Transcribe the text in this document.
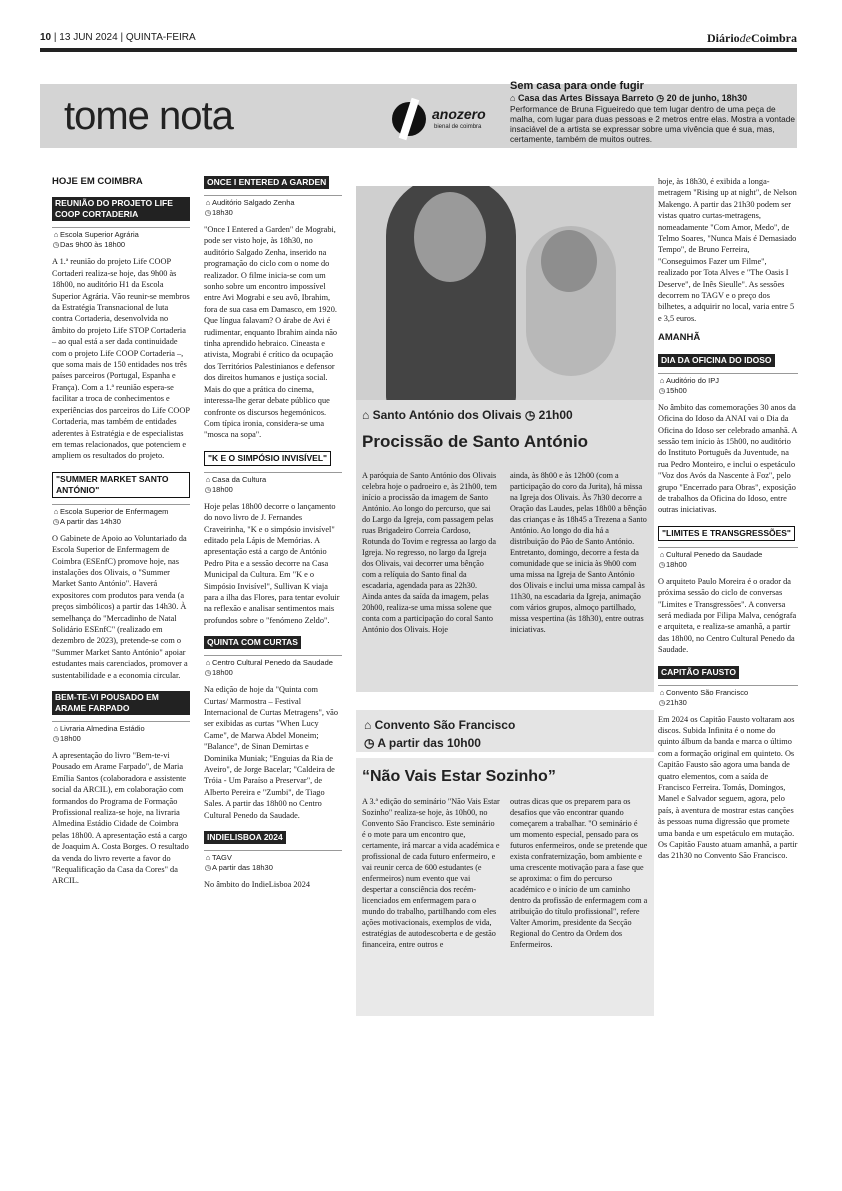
10 | 13 JUN 2024 | QUINTA-FEIRA	DiáriodeCoimbra
tome nota	anozero
bienal de coimbra
Sem casa para onde fugir
⌂ Casa das Artes Bissaya Barreto ◷ 20 de junho, 18h30
Performance de Bruna Figueiredo que tem lugar dentro de uma peça de malha, com lugar para duas pessoas e 2 metros entre elas. Mostra a vontade insaciável de a artista se expressar sobre uma vivência que é sua, mas, certamente, também de muitos outres.
HOJE EM COIMBRA
REUNIÃO DO PROJETO LIFE COOP CORTADERIA
⌂ Escola Superior Agrária
◷Das 9h00 às 18h00

A 1.ª reunião do projeto Life COOP Cortaderi realiza-se hoje, das 9h00 às 18h00, no auditório H1 da Escola Superior Agrária. Vão reunir-se membros da Estratégia Transnacional de luta contra Cortaderia, desenvolvida no âmbito do projeto Life STOP Cortaderia – ao qual está a ser dada continuidade com o projeto Life COOP Cortaderia –, que soma mais de 150 entidades nos três países parceiros (Portugal, Espanha e França). Com a 1.ª reunião espera-se facilitar a troca de conhecimentos e experiências dos parceiros do Life COOP Cortaderia, mas também de entidades aderentes à Estratégia e de especialistas em temas relacionados, que potenciem e ampliem os resultados do projeto.

"SUMMER MARKET SANTO ANTÓNIO"
⌂ Escola Superior de Enfermagem
◷A partir das 14h30

O Gabinete de Apoio ao Voluntariado da Escola Superior de Enfermagem de Coimbra (ESEnfC) promove hoje, nas instalações dos Olivais, o "Summer Market Santo António". Haverá expositores com produtos para venda (a preços simbólicos) a partir das 14h30. À semelhança do "Mercadinho de Natal Solidário ESEnfC" (realizado em dezembro de 2023), pretende-se com o "Summer Market Santo António" apoiar estudantes mais carenciados, promover a sustentabilidade e a economia circular.

BEM-TE-VI POUSADO EM ARAME FARPADO
⌂ Livraria Almedina Estádio
◷18h00

A apresentação do livro "Bem-te-vi Pousado em Arame Farpado", de Maria Emília Santos (colaboradora e assistente social da ARCIL), em colaboração com formandos do Programa de Formação Profissional realiza-se hoje, na livraria Almedina Estádio Cidade de Coimbra pelas 18h00. A apresentação está a cargo de Joaquim A. Costa Borges. O resultado da venda do livro reverte a favor do "Requalificação da Casa da Cores" da ARCIL.

ONCE I ENTERED A GARDEN
⌂ Auditório Salgado Zenha
◷18h30

"Once I Entered a Garden" de Mograbi, pode ser visto hoje, às 18h30, no auditório Salgado Zenha, inserido na programação do ciclo com o nome do realizador. O filme inicia-se com um sonho sobre um encontro impossível entre Avi Mograbi e seu avô, Ibrahim, fora de sua casa em Damasco, em 1920. Que língua falavam? O árabe de Avi é rudimentar, enquanto Ibrahim ainda não tinha aprendido hebraico. Cineasta e ativista, Mograbi é crítico da ocupação dos Territórios Palestinianos e defensor dos direitos humanos e justiça social. Mais do que a prática do cinema, interessa-lhe gerar debate público que confronte os discursos hegemónicos. Com típica ironia, considera-se uma "mosca na sopa".

"K E O SIMPÓSIO INVISÍVEL"
⌂ Casa da Cultura
◷18h00

Hoje pelas 18h00 decorre o lançamento do novo livro de J. Fernandes Craveirinha, "K e o simpósio invisível" editado pela Lápis de Memórias. A apresentação está a cargo de António Pedro Pita e a sessão decorre na Casa Municipal da Cultura. Em "K e o Simpósio Invisível", Sullivan K viaja para a ilha das Flores, para tentar evoluir na reflexão e analisar sentimentos mais profundos sobre o "fenómeno Zeldo".

QUINTA COM CURTAS
⌂ Centro Cultural Penedo da Saudade
◷18h00

Na edição de hoje da "Quinta com Curtas/ Marmostra – Festival Internacional de Curtas Metragens", vão ser exibidas as curtas "When Lucy Came", de Marwa Abdel Moneim; "Balance", de Sinan Demirtas e Dominika Muniak; "Enguias da Ria de Aveiro", de Jorge Bacelar; "Caldeira de Tróia - Um Paraíso a Preservar", de Alberto Pereira e "Zumbi", de Tiago Sales. A partir das 18h00 no Centro Cultural Penedo da Saudade.

INDIELISBOA 2024
⌂ TAGV
◷A partir das 18h30

No âmbito do IndieLisboa 2024

⌂ Santo António dos Olivais ◷ 21h00
Procissão de Santo António
A paróquia de Santo António dos Olivais celebra hoje o padroeiro e, às 21h00, tem início a procissão da imagem de Santo António. Ao longo do percurso, que sai do Largo da Igreja, com passagem pelas ruas Brigadeiro Correia Cardoso, Rotunda do Tovim e regressa ao largo da Igreja. No regresso, no largo da Igreja dos Olivais, vai decorrer uma bênção com a relíquia do Santo final da escadaria, agendada para as 22h30. Ainda antes da saída da imagem, pelas 20h00, realiza-se uma missa solene que conta com a participação do coral Santo António dos Olivais. Hoje
ainda, às 8h00 e às 12h00 (com a participação do coro da Jurita), há missa na Igreja dos Olivais. Às 7h30 decorre a Oração das Laudes, pelas 18h00 a bênção das crianças e às 18h45 a Trezena a Santo António. Ao longo do dia há a distribuição do Pão de Santo António. Entretanto, domingo, decorre a festa da comunidade que se inicia às 9h00 com uma missa na Igreja de Santo António dos Olivais e inclui uma missa campal às 11h30, na escadaria da Igreja, animação com vários grupos, almoço partilhado, missa vespertina (às 18h30), entre outras iniciativas.
⌂ Convento São Francisco
◷ A partir das 10h00
“Não Vais Estar Sozinho”
A 3.ª edição do seminário "Não Vais Estar Sozinho" realiza-se hoje, às 10h00, no Convento São Francisco. Este seminário é o mote para um encontro que, certamente, irá marcar a vida académica e profissional de cada futuro enfermeiro, e vai reunir cerca de 600 estudantes (e enfermeiros) num evento que vai despertar a consciência dos recém-licenciados em enfermagem para o mundo do trabalho, partilhando com eles ações motivacionais, exemplos de vida, estratégias de autodescoberta e de gestão financeira, entre outros e
outras dicas que os preparem para os desafios que vão encontrar quando começarem a trabalhar. "O seminário é um momento especial, pensado para os futuros enfermeiros, onde se pretende que exista confraternização, bom ambiente e uma crescente motivação para a fase que se aproxima: o fim do percurso académico e o início de um caminho dentro da profissão de enfermagem com a atribuição do título profissional", refere Valter Amorim, presidente da Secção Regional do Centro da Ordem dos Enfermeiros.

hoje, às 18h30, é exibida a longa-metragem "Rising up at night", de Nelson Makengo. A partir das 21h30 podem ser vistas quatro curtas-metragens, nomeadamente "Com Amor, Medo", de Telmo Soares, "Nunca Mais é Demasiado Tempo", de Bruno Ferreira, "Conseguimos Fazer um Filme", realizado por Tota Alves e "The Oasis I Deserve", de Inês Sieulle". As sessões decorrem no TAGV e o preço dos bilhetes, a adquirir no local, varia entre 5 e 3,5 euros.

AMANHÃ
DIA DA OFICINA DO IDOSO
⌂ Auditório do IPJ
◷15h00

No âmbito das comemorações 30 anos da Oficina do Idoso da ANAI vai o Dia da Oficina do Idoso ser celebrado amanhã. A sessão tem início às 15h00, no auditório do Instituto Português da Juventude, na rua Pedro Monteiro, e inclui o espetáculo "Voz dos Avós da Nascente à Foz", pelo grupo "Encerrado para Obras", exposição de trabalhos da Oficina do Idoso, entre outras iniciativas.

"LIMITES E TRANSGRESSÕES"
⌂ Cultural Penedo da Saudade
◷18h00

O arquiteto Paulo Moreira é o orador da próxima sessão do ciclo de conversas "Limites e Transgressões". A conversa será mediada por Filipa Malva, cenógrafa e arquiteta, e realiza-se amanhã, a partir das 18h00, no Centro Cultural Penedo da Saudade.

CAPITÃO FAUSTO
⌂ Convento São Francisco
◷21h30

Em 2024 os Capitão Fausto voltaram aos discos. Subida Infinita é o nome do quinto álbum da banda e marca o último com a formação original em quinteto. Os Capitão Fausto são agora uma banda de quatro elementos, com a saída de Francisco Ferreira. Tomás, Domingos, Manel e Salvador seguem, agora, pelo país, à aventura de mostrar estas canções às pessoas numa digressão que promete uma banda e um espetáculo em mutação. Os Capitão Fausto atuam amanhã, a partir das 21h30 no Convento São Francisco.
